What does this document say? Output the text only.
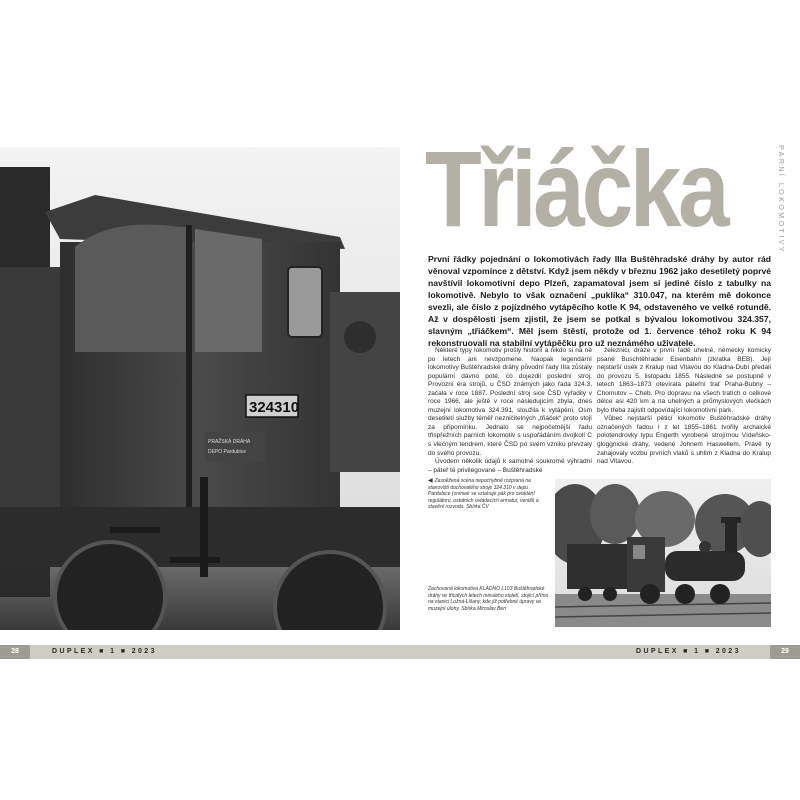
324310
PRAŽSKÁ DRÁHA
DEPO Pardubice
Třiáčka	PARNÍ LOKOMOTIVY

První řádky pojednání o lokomotivách řady IIIa Buštěhradské dráhy by autor rád věnoval vzpomínce z dětství. Když jsem někdy v březnu 1962 jako desetiletý poprvé navštívil lokomotivní depo Plzeň, zapamatoval jsem si jediné číslo z tabulky na lokomotivě. Nebylo to však označení „puklíka“ 310.047, na kterém mě dokonce svezli, ale číslo z pojízdného vytápěcího kotle K 94, odstaveného ve velké rotundě. Až v dospělosti jsem zjistil, že jsem se potkal s bývalou lokomotivou 324.357, slavným „třiáčkem“. Měl jsem štěstí, protože od 1. července téhož roku K 94 rekonstruovali na stabilní vytápěčku pro už neznámého uživatele.

Některé typy lokomotiv prošly historií a nikdo si na ně po letech ani nevzpomene. Naopak legendární lokomotivy Buštěhradské dráhy původní řady IIIa zůstaly populární dávno poté, co dojezdil poslední stroj. Provozní éra strojů, u ČSD známých jako řada 324.3, začala v roce 1887. Poslední stroj sice ČSD vyřadily v roce 1966, ale ještě v roce následujícím zbyla, dnes muzejní lokomotiva 324.391, sloužila k vytápění. Osm desetiletí služby téměř nezničitelných „třiáček“ proto stojí za připomínku. Jednalo se nejpočetnější řadu třispřežních parních lokomotiv s uspořádáním dvojkolí C s vlečným tendrem, které ČSD po svém vzniku převzaly do svého provozu.

Úvodem několik údajů k samotné soukromé výhradní – páteř té privilegované – Buštěhradské

železnici, dráze v první řadě uhelné, německy komicky psané Buschtěhrader Eisenbahn (zkratka BEB). Její nejstarší úsek z Kralup nad Vltavou do Kladna-Dubí předali do provozu 5. listopadu 1855. Následně se postupně v letech 1863–1873 otevírala páteřní trať Praha-Bubny – Chomutov – Cheb. Pro dopravu na všech tratích o celkové délce asi 420 km a na uhelných a průmyslových vlečkách bylo třeba zajistit odpovídající lokomotivní park.

Vůbec nejstarší pěticí lokomotiv Buštěhradské dráhy označených řadou I z let 1855–1861 tvořily archaické polotendrovky typu Engerth vyrobené strojírnou Vídeňsko-gloggnické dráhy, vedené Johnem Haswellem. Právě ty zahajovaly vozbu prvních vlaků s uhlím z Kladna do Kralup nad Vltavou.

◀ Zasněžená scéna nepochybně rozpraná na stanovišti dochovalého stroje 324.310 v depu Pardubice (snímek se vztahuje pák pro ovládání regulátoru, ostatních ovládacích armatur, ventilů a stavění rozvodu. Sbírka ČV

Zachovaná lokomotiva KLADNO L103 Buštěhradské dráhy ve třicátých letech minulého století, stojící přímo na stanici Lužná-Lišany, kde již potřebné úpravy ve muzejní úlohy. Sbírka Miroslav Berr

28	29
DUPLEX ■ 1 ■ 2023	DUPLEX ■ 1 ■ 2023
